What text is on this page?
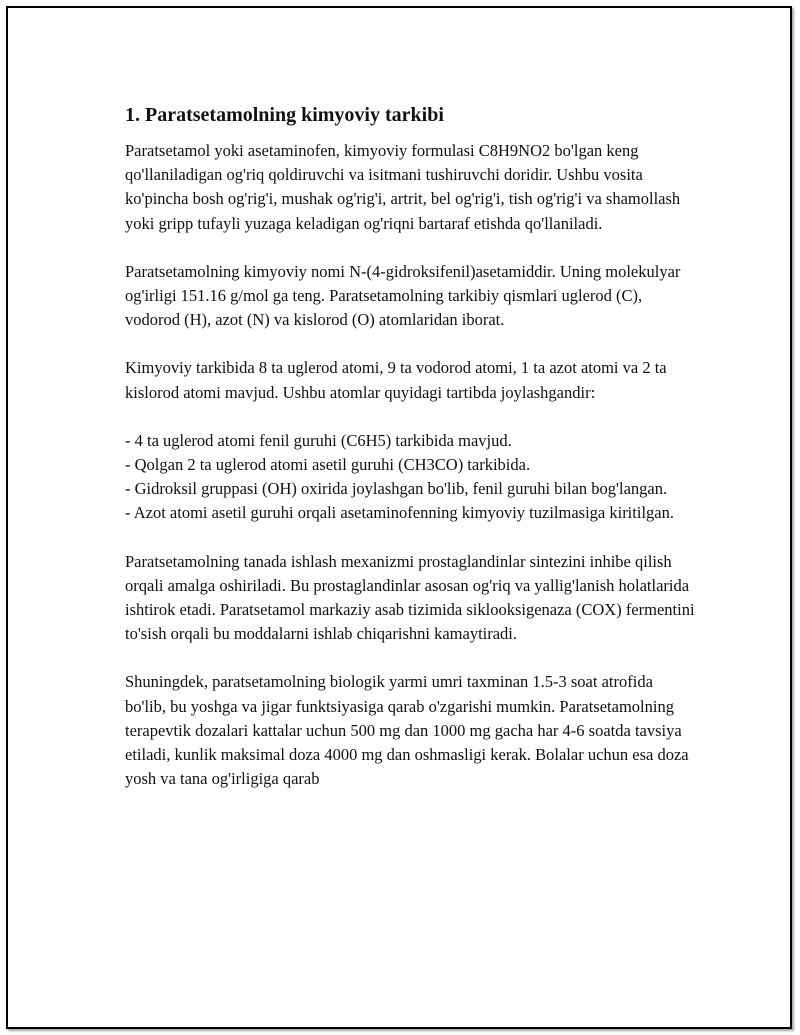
1. Paratsetamolning kimyoviy tarkibi

Paratsetamol yoki asetaminofen, kimyoviy formulasi C8H9NO2 bo'lgan keng qo'llaniladigan og'riq qoldiruvchi va isitmani tushiruvchi doridir. Ushbu vosita ko'pincha bosh og'rig'i, mushak og'rig'i, artrit, bel og'rig'i, tish og'rig'i va shamollash yoki gripp tufayli yuzaga keladigan og'riqni bartaraf etishda qo'llaniladi.

Paratsetamolning kimyoviy nomi N-(4-gidroksifenil)asetamiddir. Uning molekulyar og'irligi 151.16 g/mol ga teng. Paratsetamolning tarkibiy qismlari uglerod (C), vodorod (H), azot (N) va kislorod (O) atomlaridan iborat.

Kimyoviy tarkibida 8 ta uglerod atomi, 9 ta vodorod atomi, 1 ta azot atomi va 2 ta kislorod atomi mavjud. Ushbu atomlar quyidagi tartibda joylashgandir:

- 4 ta uglerod atomi fenil guruhi (C6H5) tarkibida mavjud.
- Qolgan 2 ta uglerod atomi asetil guruhi (CH3CO) tarkibida.
- Gidroksil gruppasi (OH) oxirida joylashgan bo'lib, fenil guruhi bilan bog'langan.
- Azot atomi asetil guruhi orqali asetaminofenning kimyoviy tuzilmasiga kiritilgan.

Paratsetamolning tanada ishlash mexanizmi prostaglandinlar sintezini inhibe qilish orqali amalga oshiriladi. Bu prostaglandinlar asosan og'riq va yallig'lanish holatlarida ishtirok etadi. Paratsetamol markaziy asab tizimida siklooksigenaza (COX) fermentini to'sish orqali bu moddalarni ishlab chiqarishni kamaytiradi.

Shuningdek, paratsetamolning biologik yarmi umri taxminan 1.5-3 soat atrofida bo'lib, bu yoshga va jigar funktsiyasiga qarab o'zgarishi mumkin. Paratsetamolning terapevtik dozalari kattalar uchun 500 mg dan 1000 mg gacha har 4-6 soatda tavsiya etiladi, kunlik maksimal doza 4000 mg dan oshmasligi kerak. Bolalar uchun esa doza yosh va tana og'irligiga qarab
